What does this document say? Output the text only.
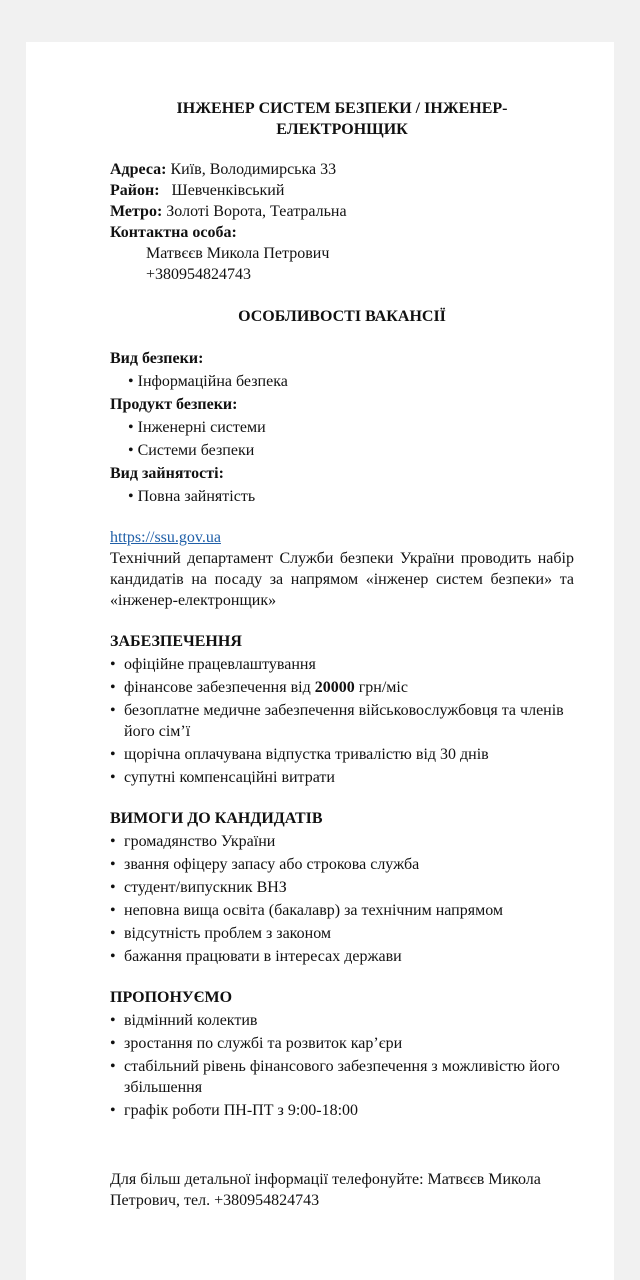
ІНЖЕНЕР СИСТЕМ БЕЗПЕКИ / ІНЖЕНЕР-
ЕЛЕКТРОНЩИК
Адреса: Київ, Володимирська 33
Район:   Шевченківський
Метро: Золоті Ворота, Театральна
Контактна особа:
Матвєєв Микола Петрович
+380954824743
ОСОБЛИВОСТІ ВАКАНСІЇ
Вид безпеки:
• Інформаційна безпека
Продукт безпеки:
• Інженерні системи
• Системи безпеки
Вид зайнятості:
• Повна зайнятість
https://ssu.gov.ua
Технічний департамент Служби безпеки України проводить набір кандидатів на посаду за напрямом «інженер систем безпеки» та «інженер-електронщик»
ЗАБЕЗПЕЧЕННЯ
• офіційне працевлаштування
• фінансове забезпечення від 20000 грн/міс
• безоплатне медичне забезпечення військовослужбовця та членів його сім’ї
• щорічна оплачувана відпустка тривалістю від 30 днів
• супутні компенсаційні витрати
ВИМОГИ ДО КАНДИДАТІВ
• громадянство України
• звання офіцеру запасу або строкова служба
• студент/випускник ВНЗ
• неповна вища освіта (бакалавр) за технічним напрямом
• відсутність проблем з законом
• бажання працювати в інтересах держави
ПРОПОНУЄМО
• відмінний колектив
• зростання по службі та розвиток кар’єри
• стабільний рівень фінансового забезпечення з можливістю його збільшення
• графік роботи ПН-ПТ з 9:00-18:00
Для більш детальної інформації телефонуйте: Матвєєв Микола Петрович, тел. +380954824743
